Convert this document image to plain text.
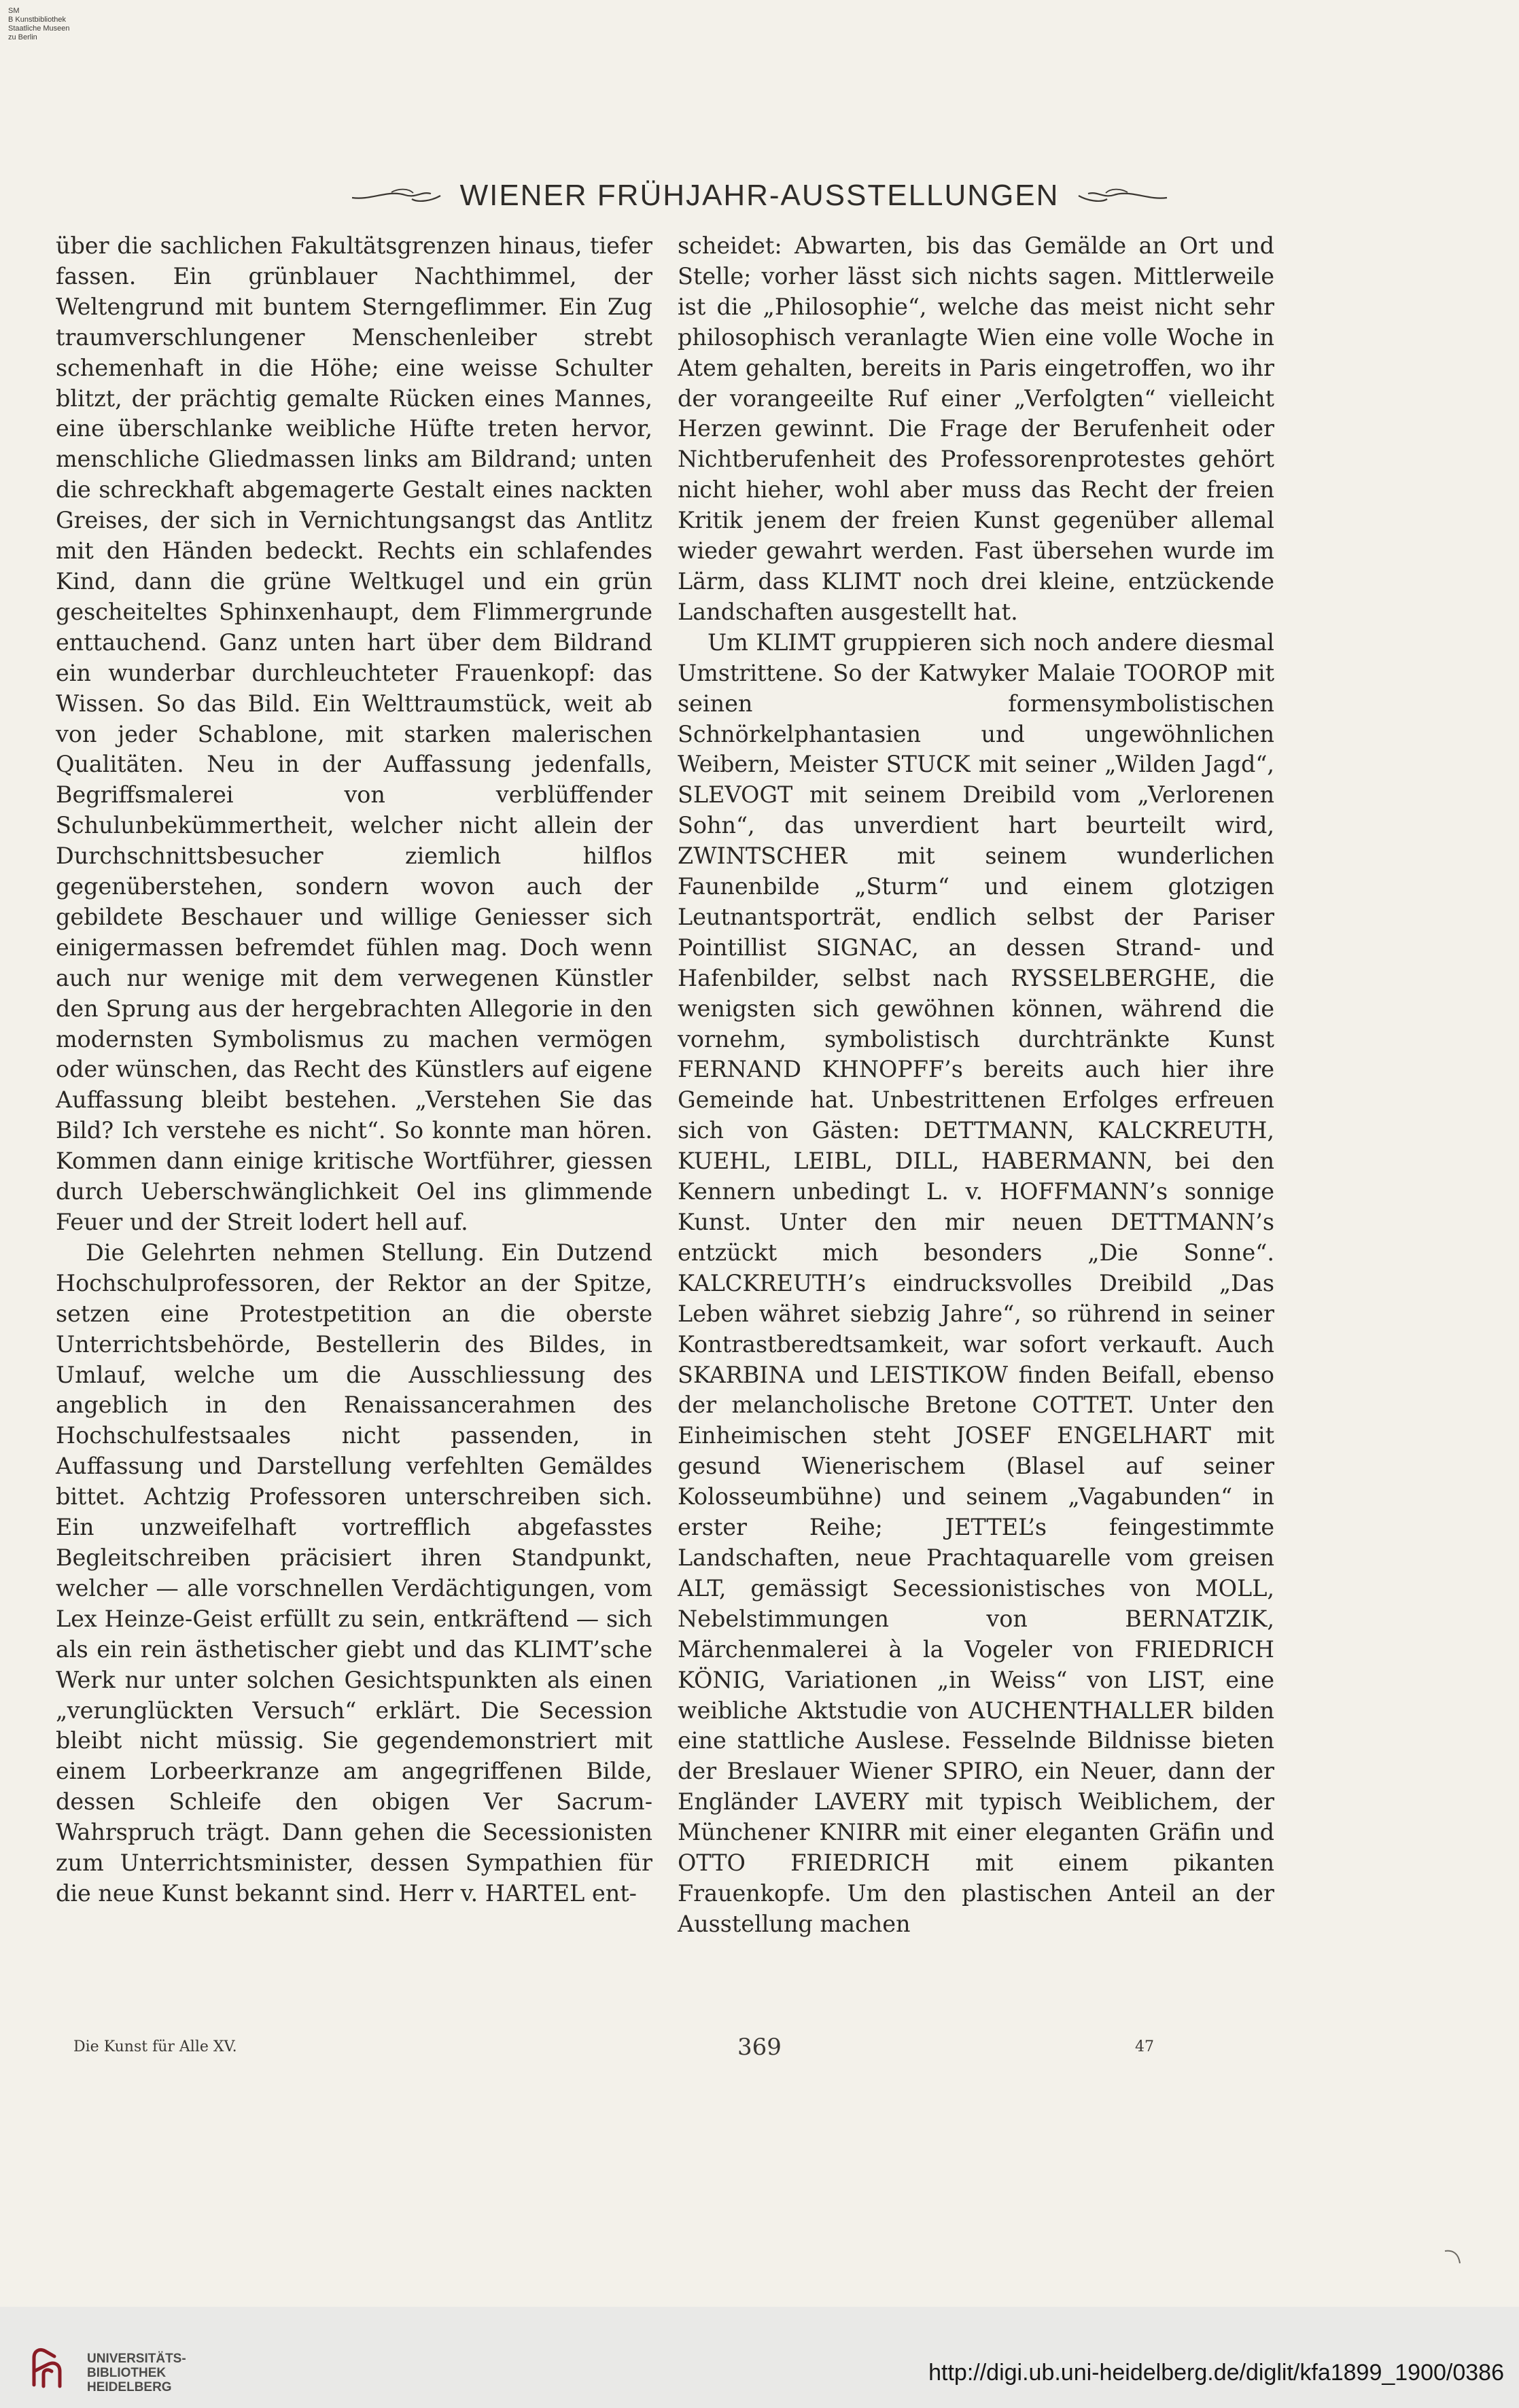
SM
B Kunstbibliothek
Staatliche Museen
zu Berlin
WIENER FRÜHJAHR-AUSSTELLUNGEN

über die sachlichen Fakultätsgrenzen hinaus, tiefer fassen. Ein grünblauer Nachthimmel, der Weltengrund mit buntem Sterngeflimmer. Ein Zug traumverschlungener Menschenleiber strebt schemenhaft in die Höhe; eine weisse Schulter blitzt, der prächtig gemalte Rücken eines Mannes, eine überschlanke weibliche Hüfte treten hervor, menschliche Gliedmassen links am Bildrand; unten die schreckhaft abgemagerte Gestalt eines nackten Greises, der sich in Vernichtungsangst das Antlitz mit den Händen bedeckt. Rechts ein schlafendes Kind, dann die grüne Weltkugel und ein grün gescheiteltes Sphinxenhaupt, dem Flimmergrunde enttauchend. Ganz unten hart über dem Bildrand ein wunderbar durchleuchteter Frauenkopf: das Wissen. So das Bild. Ein Welttraumstück, weit ab von jeder Schablone, mit starken malerischen Qualitäten. Neu in der Auffassung jedenfalls, Begriffsmalerei von verblüffender Schulunbekümmertheit, welcher nicht allein der Durchschnittsbesucher ziemlich hilflos gegenüberstehen, sondern wovon auch der gebildete Beschauer und willige Geniesser sich einigermassen befremdet fühlen mag. Doch wenn auch nur wenige mit dem verwegenen Künstler den Sprung aus der hergebrachten Allegorie in den modernsten Symbolismus zu machen vermögen oder wünschen, das Recht des Künstlers auf eigene Auffassung bleibt bestehen. „Verstehen Sie das Bild? Ich verstehe es nicht“. So konnte man hören. Kommen dann einige kritische Wortführer, giessen durch Ueberschwänglichkeit Oel ins glimmende Feuer und der Streit lodert hell auf.

Die Gelehrten nehmen Stellung. Ein Dutzend Hochschulprofessoren, der Rektor an der Spitze, setzen eine Protestpetition an die oberste Unterrichtsbehörde, Bestellerin des Bildes, in Umlauf, welche um die Ausschliessung des angeblich in den Renaissancerahmen des Hochschulfestsaales nicht passenden, in Auffassung und Darstellung verfehlten Gemäldes bittet. Achtzig Professoren unterschreiben sich. Ein unzweifelhaft vortrefflich abgefasstes Begleitschreiben präcisiert ihren Standpunkt, welcher — alle vorschnellen Verdächtigungen, vom Lex Heinze-Geist erfüllt zu sein, entkräftend — sich als ein rein ästhetischer giebt und das KLIMT’sche Werk nur unter solchen Gesichtspunkten als einen „verunglückten Versuch“ erklärt. Die Secession bleibt nicht müssig. Sie gegendemonstriert mit einem Lorbeerkranze am angegriffenen Bilde, dessen Schleife den obigen Ver Sacrum-Wahrspruch trägt. Dann gehen die Secessionisten zum Unterrichtsminister, dessen Sympathien für die neue Kunst bekannt sind. Herr v. HARTEL ent-

scheidet: Abwarten, bis das Gemälde an Ort und Stelle; vorher lässt sich nichts sagen. Mittlerweile ist die „Philosophie“, welche das meist nicht sehr philosophisch veranlagte Wien eine volle Woche in Atem gehalten, bereits in Paris eingetroffen, wo ihr der vorangeeilte Ruf einer „Verfolgten“ vielleicht Herzen gewinnt. Die Frage der Berufenheit oder Nichtberufenheit des Professorenprotestes gehört nicht hieher, wohl aber muss das Recht der freien Kritik jenem der freien Kunst gegenüber allemal wieder gewahrt werden. Fast übersehen wurde im Lärm, dass KLIMT noch drei kleine, entzückende Landschaften ausgestellt hat.

Um KLIMT gruppieren sich noch andere diesmal Umstrittene. So der Katwyker Malaie TOOROP mit seinen formensymbolistischen Schnörkelphantasien und ungewöhnlichen Weibern, Meister STUCK mit seiner „Wilden Jagd“, SLEVOGT mit seinem Dreibild vom „Verlorenen Sohn“, das unverdient hart beurteilt wird, ZWINTSCHER mit seinem wunderlichen Faunenbilde „Sturm“ und einem glotzigen Leutnantsporträt, endlich selbst der Pariser Pointillist SIGNAC, an dessen Strand- und Hafenbilder, selbst nach RYSSELBERGHE, die wenigsten sich gewöhnen können, während die vornehm, symbolistisch durchtränkte Kunst FERNAND KHNOPFF’s bereits auch hier ihre Gemeinde hat. Unbestrittenen Erfolges erfreuen sich von Gästen: DETTMANN, KALCKREUTH, KUEHL, LEIBL, DILL, HABERMANN, bei den Kennern unbedingt L. v. HOFFMANN’s sonnige Kunst. Unter den mir neuen DETTMANN’s entzückt mich besonders „Die Sonne“. KALCKREUTH’s eindrucksvolles Dreibild „Das Leben währet siebzig Jahre“, so rührend in seiner Kontrastberedtsamkeit, war sofort verkauft. Auch SKARBINA und LEISTIKOW finden Beifall, ebenso der melancholische Bretone COTTET. Unter den Einheimischen steht JOSEF ENGELHART mit gesund Wienerischem (Blasel auf seiner Kolosseumbühne) und seinem „Vagabunden“ in erster Reihe; JETTEL’s feingestimmte Landschaften, neue Prachtaquarelle vom greisen ALT, gemässigt Secessionistisches von MOLL, Nebelstimmungen von BERNATZIK, Märchenmalerei à la Vogeler von FRIEDRICH KÖNIG, Variationen „in Weiss“ von LIST, eine weibliche Aktstudie von AUCHENTHALLER bilden eine stattliche Auslese. Fesselnde Bildnisse bieten der Breslauer Wiener SPIRO, ein Neuer, dann der Engländer LAVERY mit typisch Weiblichem, der Münchener KNIRR mit einer eleganten Gräfin und OTTO FRIEDRICH mit einem pikanten Frauenkopfe. Um den plastischen Anteil an der Ausstellung machen

Die Kunst für Alle XV.	369	47
UNIVERSITÄTS-
BIBLIOTHEK
HEIDELBERG
http://digi.ub.uni-heidelberg.de/diglit/kfa1899_1900/0386
